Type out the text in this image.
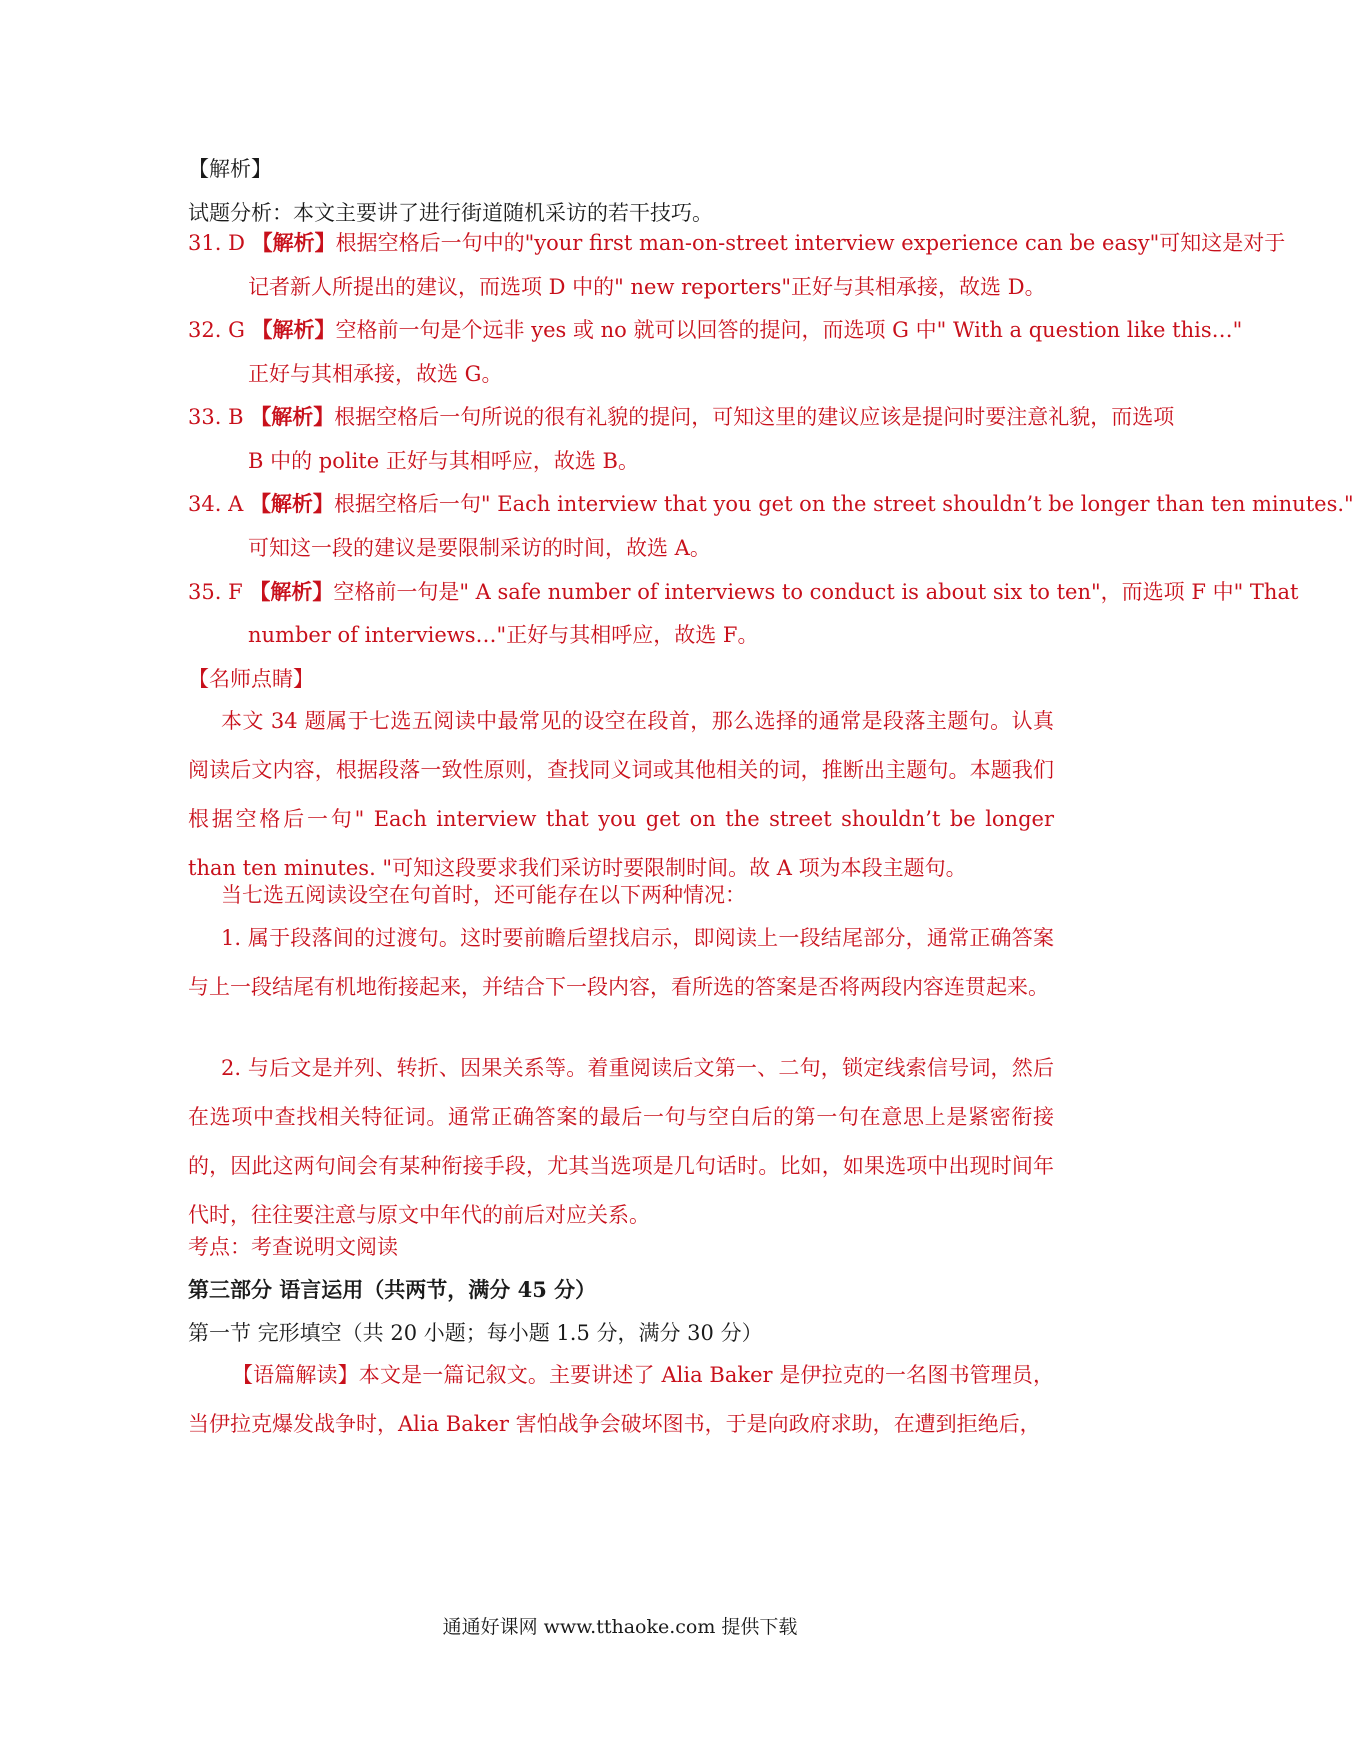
【解析】
试题分析：本文主要讲了进行街道随机采访的若干技巧。
31. D 【解析】根据空格后一句中的"your first man-on-street interview experience can be easy"可知这是对于
记者新人所提出的建议，而选项 D 中的" new reporters"正好与其相承接，故选 D。
32. G 【解析】空格前一句是个远非 yes 或 no 就可以回答的提问，而选项 G 中" With a question like this…"
正好与其相承接，故选 G。
33. B 【解析】根据空格后一句所说的很有礼貌的提问，可知这里的建议应该是提问时要注意礼貌，而选项
B 中的 polite 正好与其相呼应，故选 B。
34. A 【解析】根据空格后一句" Each interview that you get on the street shouldn’t be longer than ten minutes."
可知这一段的建议是要限制采访的时间，故选 A。
35. F 【解析】空格前一句是" A safe number of interviews to conduct is about six to ten"，而选项 F 中" That
number of interviews…"正好与其相呼应，故选 F。
【名师点睛】
本文 34 题属于七选五阅读中最常见的设空在段首，那么选择的通常是段落主题句。认真阅读后文内容，根据段落一致性原则，查找同义词或其他相关的词，推断出主题句。本题我们根据空格后一句" Each interview that you get on the street shouldn’t be longer than ten minutes. "可知这段要求我们采访时要限制时间。故 A 项为本段主题句。
当七选五阅读设空在句首时，还可能存在以下两种情况：
1. 属于段落间的过渡句。这时要前瞻后望找启示，即阅读上一段结尾部分，通常正确答案与上一段结尾有机地衔接起来，并结合下一段内容，看所选的答案是否将两段内容连贯起来。
2. 与后文是并列、转折、因果关系等。着重阅读后文第一、二句，锁定线索信号词，然后在选项中查找相关特征词。通常正确答案的最后一句与空白后的第一句在意思上是紧密衔接的，因此这两句间会有某种衔接手段，尤其当选项是几句话时。比如，如果选项中出现时间年代时，往往要注意与原文中年代的前后对应关系。
考点：考查说明文阅读
第三部分 语言运用（共两节，满分 45 分）
第一节 完形填空（共 20 小题；每小题 1.5 分，满分 30 分）
【语篇解读】本文是一篇记叙文。主要讲述了 Alia Baker 是伊拉克的一名图书管理员，当伊拉克爆发战争时，Alia Baker 害怕战争会破坏图书，于是向政府求助，在遭到拒绝后，
通通好课网 www.tthaoke.com 提供下载
